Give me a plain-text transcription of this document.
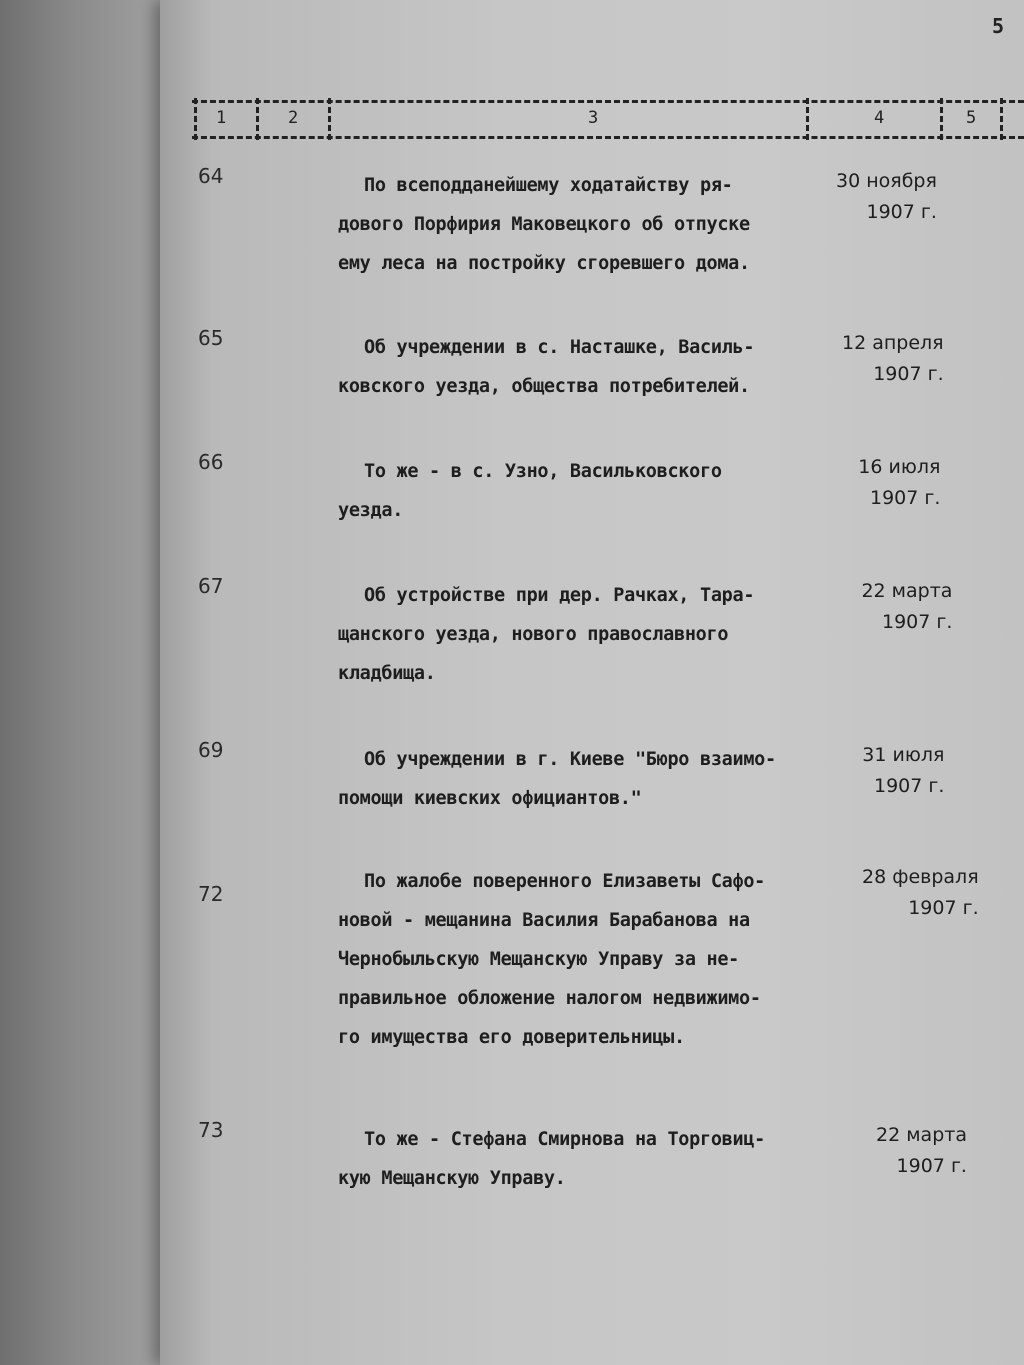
5
1	2	3	4	5
64	По всеподданейшему ходатайству ря-
дового Порфирия Маковецкого об отпуске
ему леса на постройку сгоревшего дома.
30 ноября
1907 г.
65	Об учреждении в с. Насташке, Василь-
ковского уезда, общества потребителей.
12 апреля
1907 г.
66	То же - в с. Узно, Васильковского
уезда.
16 июля
1907 г.
67	Об устройстве при дер. Рачках, Тара-
щанского уезда, нового православного
кладбища.
22 марта
1907 г.
69	Об учреждении в г. Киеве "Бюро взаимо-
помощи киевских официантов."
31 июля
1907 г.
72
По жалобе поверенного Елизаветы Сафо-
новой - мещанина Василия Барабанова на
Чернобыльскую Мещанскую Управу за не-
правильное обложение налогом недвижимо-
го имущества его доверительницы.
28 февраля
1907 г.
73	То же - Стефана Смирнова на Торговиц-
кую Мещанскую Управу.
22 марта
1907 г.
